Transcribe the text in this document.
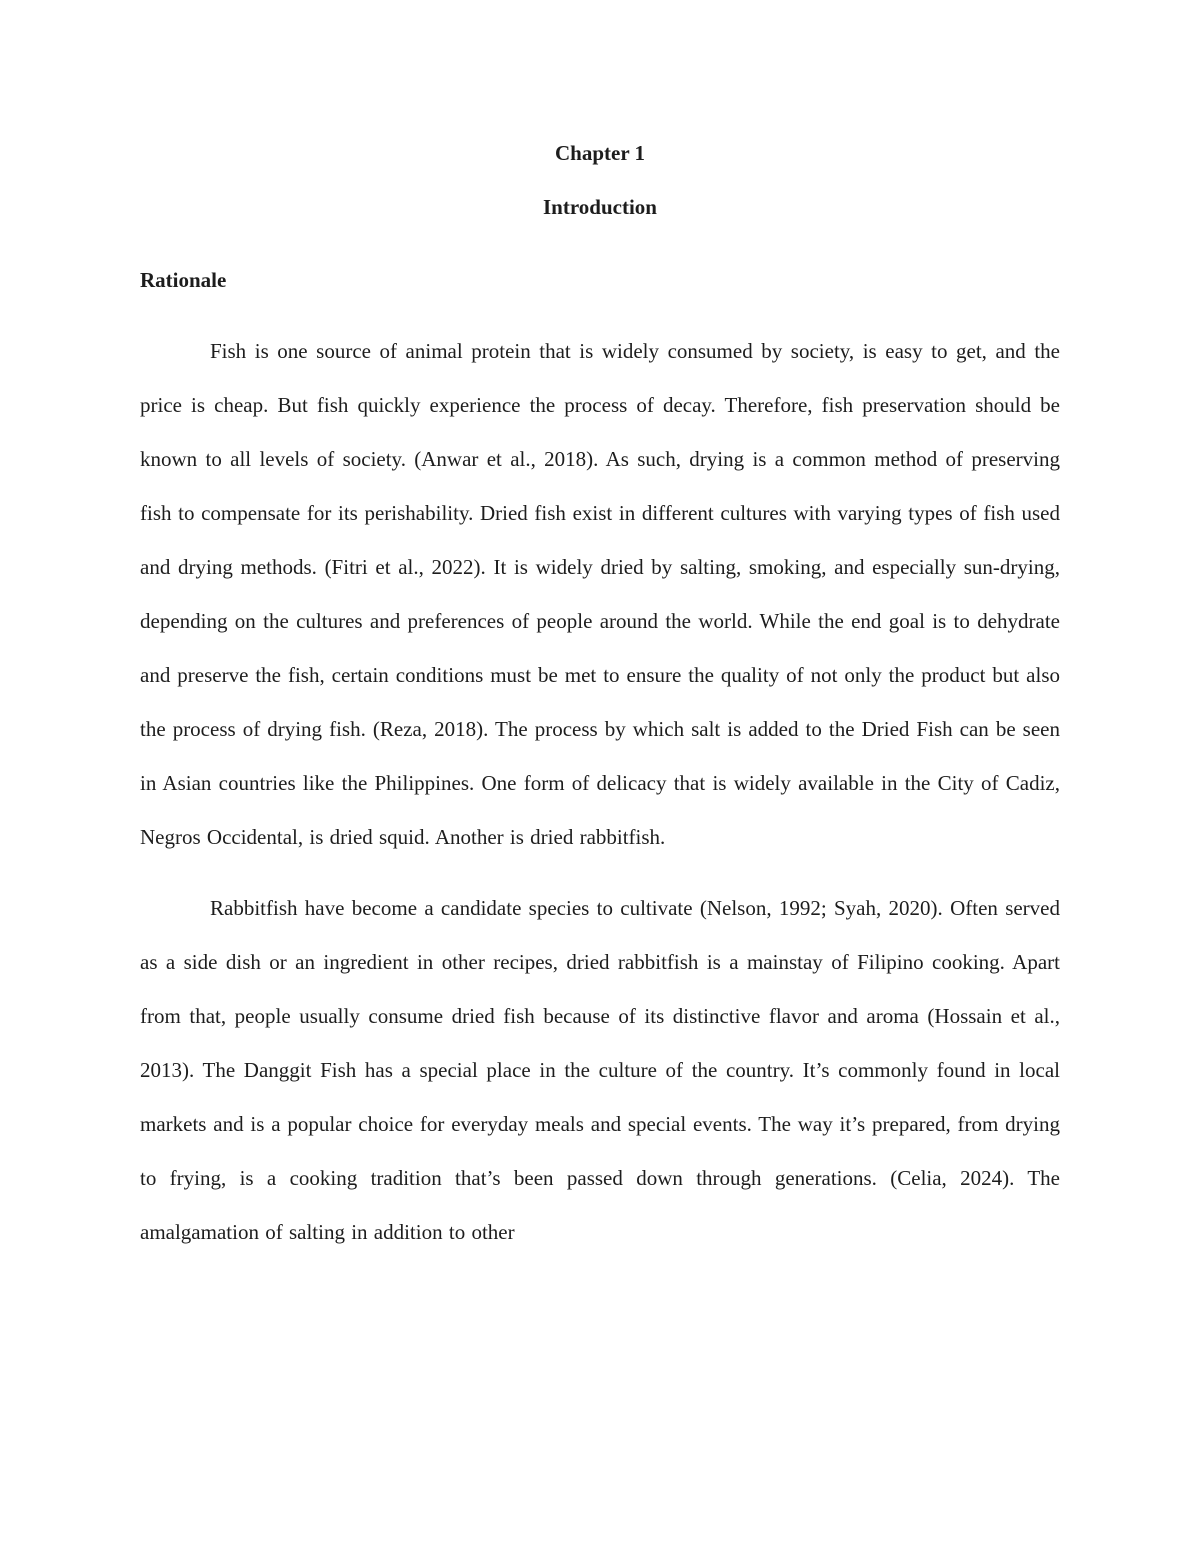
Chapter 1
Introduction
Rationale

Fish is one source of animal protein that is widely consumed by society, is easy to get, and the price is cheap. But fish quickly experience the process of decay. Therefore, fish preservation should be known to all levels of society. (Anwar et al., 2018). As such, drying is a common method of preserving fish to compensate for its perishability. Dried fish exist in different cultures with varying types of fish used and drying methods. (Fitri et al., 2022). It is widely dried by salting, smoking, and especially sun-drying, depending on the cultures and preferences of people around the world. While the end goal is to dehydrate and preserve the fish, certain conditions must be met to ensure the quality of not only the product but also the process of drying fish. (Reza, 2018). The process by which salt is added to the Dried Fish can be seen in Asian countries like the Philippines. One form of delicacy that is widely available in the City of Cadiz, Negros Occidental, is dried squid. Another is dried rabbitfish.

Rabbitfish have become a candidate species to cultivate (Nelson, 1992; Syah, 2020). Often served as a side dish or an ingredient in other recipes, dried rabbitfish is a mainstay of Filipino cooking. Apart from that, people usually consume dried fish because of its distinctive flavor and aroma (Hossain et al., 2013). The Danggit Fish has a special place in the culture of the country. It’s commonly found in local markets and is a popular choice for everyday meals and special events. The way it’s prepared, from drying to frying, is a cooking tradition that’s been passed down through generations. (Celia, 2024). The amalgamation of salting in addition to other
